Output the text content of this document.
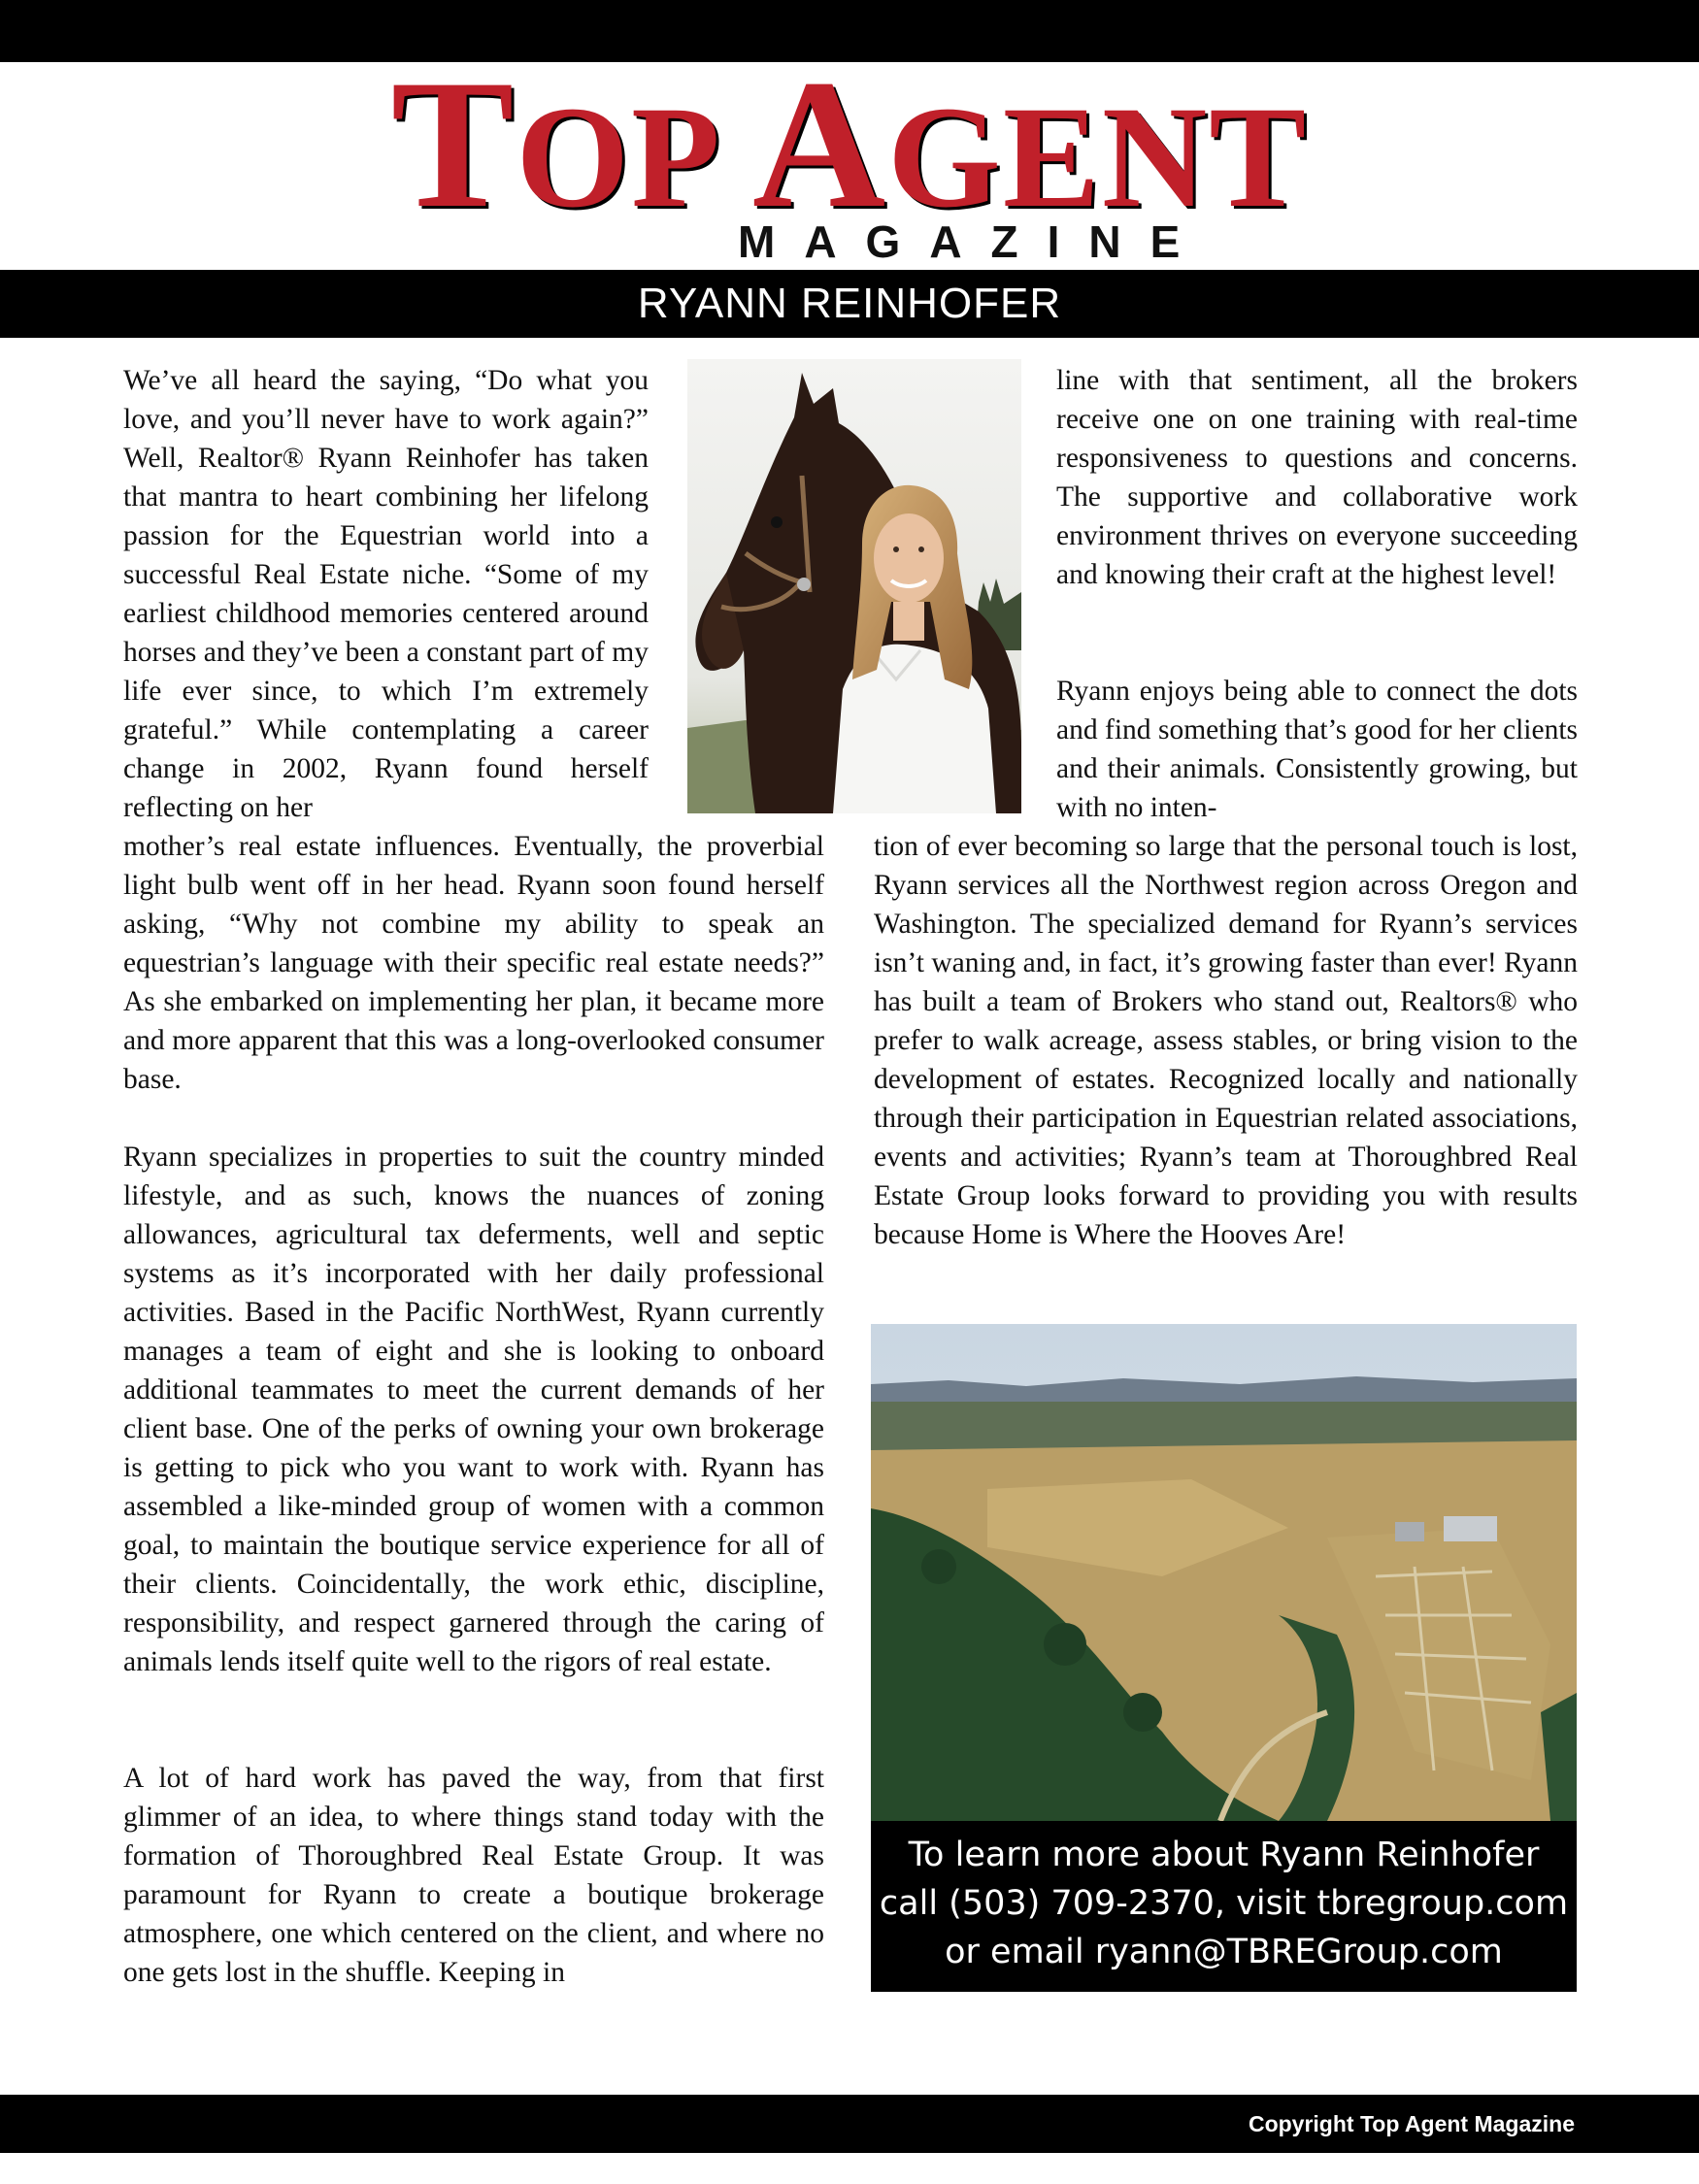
TOP AGENT
MAGAZINE
RYANN REINHOFER

We’ve all heard the saying, “Do what you love, and you’ll never have to work again?” Well, Realtor® Ryann Reinhofer has taken that mantra to heart combining her lifelong passion for the Equestrian world into a successful Real Estate niche. “Some of my earliest childhood memories centered around horses and they’ve been a constant part of my life ever since, to which I’m extremely grateful.” While contemplating a career change in 2002, Ryann found herself reflecting on her

mother’s real estate influences. Eventually, the proverbial light bulb went off in her head. Ryann soon found herself asking, “Why not combine my ability to speak an equestrian’s language with their specific real estate needs?” As she embarked on implementing her plan, it became more and more apparent that this was a long-overlooked consumer base.

Ryann specializes in properties to suit the country minded lifestyle, and as such, knows the nuances of zoning allowances, agricultural tax deferments, well and septic systems as it’s incorporated with her daily professional activities. Based in the Pacific NorthWest, Ryann currently manages a team of eight and she is looking to onboard additional teammates to meet the current demands of her client base. One of the perks of owning your own brokerage is getting to pick who you want to work with. Ryann has assembled a like-minded group of women with a common goal, to maintain the boutique service experience for all of their clients. Coincidentally, the work ethic, discipline, responsibility, and respect garnered through the caring of animals lends itself quite well to the rigors of real estate.

A lot of hard work has paved the way, from that first glimmer of an idea, to where things stand today with the formation of Thoroughbred Real Estate Group. It was paramount for Ryann to create a boutique brokerage atmosphere, one which centered on the client, and where no one gets lost in the shuffle. Keeping in

line with that sentiment, all the brokers receive one on one training with real-time responsiveness to questions and concerns. The supportive and collaborative work environment thrives on everyone succeeding and knowing their craft at the highest level!

Ryann enjoys being able to connect the dots and find something that’s good for her clients and their animals. Consistently growing, but with no inten-

tion of ever becoming so large that the personal touch is lost, Ryann services all the Northwest region across Oregon and Washington. The specialized demand for Ryann’s services isn’t waning and, in fact, it’s growing faster than ever! Ryann has built a team of Brokers who stand out, Realtors® who prefer to walk acreage, assess stables, or bring vision to the development of estates. Recognized locally and nationally through their participation in Equestrian related associations, events and activities; Ryann’s team at Thoroughbred Real Estate Group looks forward to providing you with results because Home is Where the Hooves Are!

To learn more about Ryann Reinhofer
call (503) 709-2370, visit tbregroup.com
or email ryann@TBREGroup.com
Copyright Top Agent Magazine
